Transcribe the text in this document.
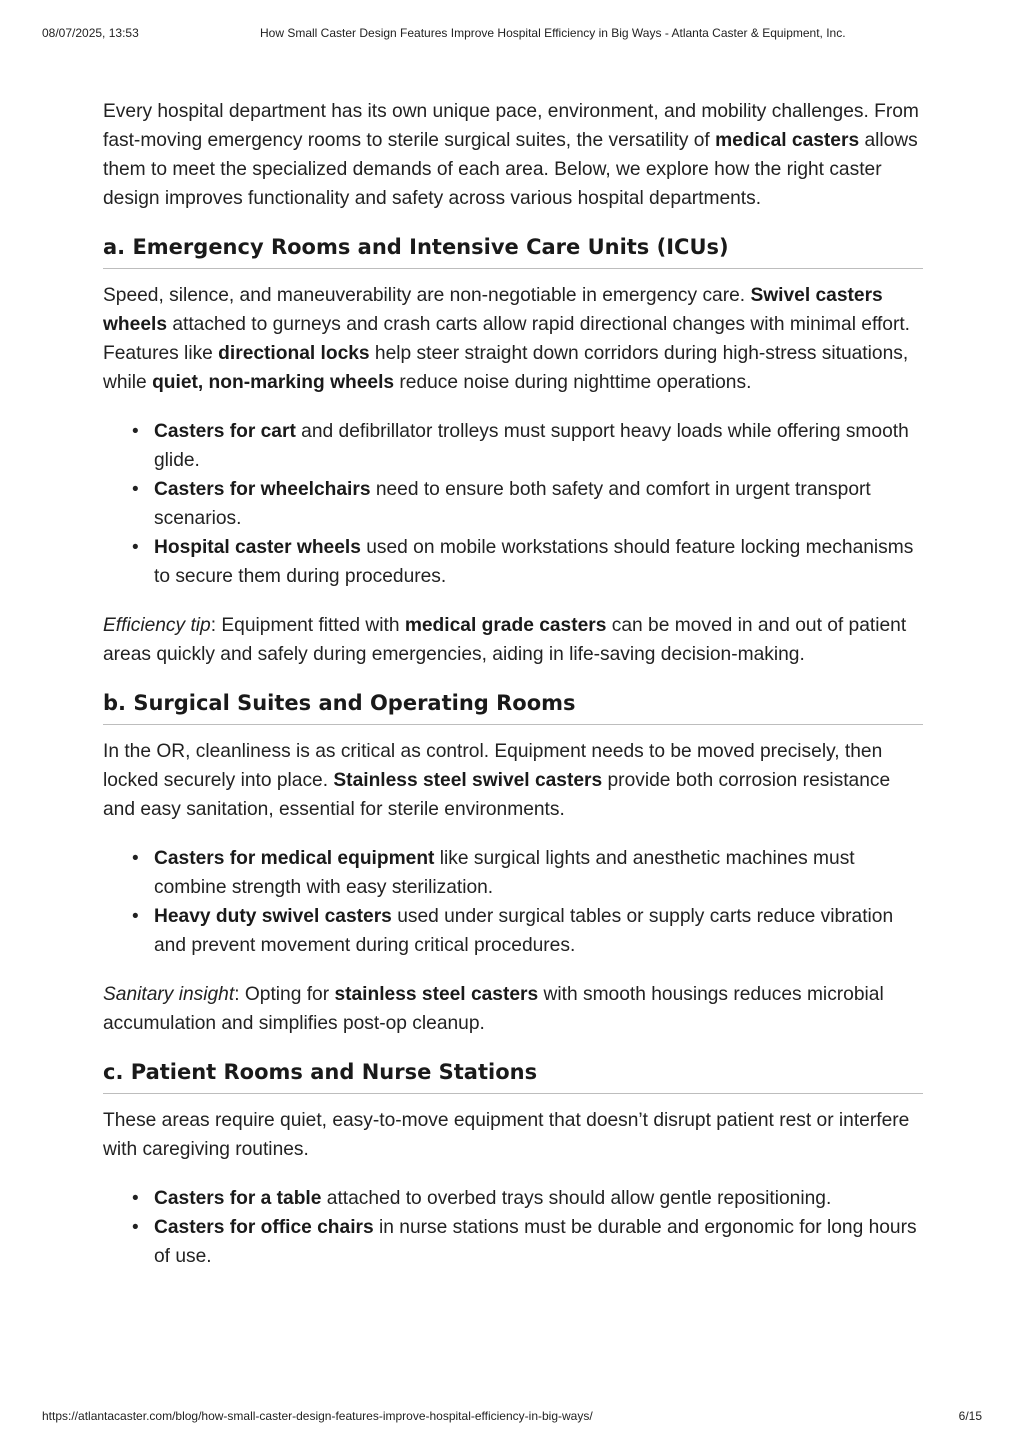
08/07/2025, 13:53	How Small Caster Design Features Improve Hospital Efficiency in Big Ways - Atlanta Caster & Equipment, Inc.

Every hospital department has its own unique pace, environment, and mobility challenges. From fast-moving emergency rooms to sterile surgical suites, the versatility of medical casters allows them to meet the specialized demands of each area. Below, we explore how the right caster design improves functionality and safety across various hospital departments.

a. Emergency Rooms and Intensive Care Units (ICUs)

Speed, silence, and maneuverability are non-negotiable in emergency care. Swivel casters wheels attached to gurneys and crash carts allow rapid directional changes with minimal effort. Features like directional locks help steer straight down corridors during high-stress situations, while quiet, non-marking wheels reduce noise during nighttime operations.

• Casters for cart and defibrillator trolleys must support heavy loads while offering smooth glide.
• Casters for wheelchairs need to ensure both safety and comfort in urgent transport scenarios.
• Hospital caster wheels used on mobile workstations should feature locking mechanisms to secure them during procedures.

Efficiency tip: Equipment fitted with medical grade casters can be moved in and out of patient areas quickly and safely during emergencies, aiding in life-saving decision-making.

b. Surgical Suites and Operating Rooms

In the OR, cleanliness is as critical as control. Equipment needs to be moved precisely, then locked securely into place. Stainless steel swivel casters provide both corrosion resistance and easy sanitation, essential for sterile environments.

• Casters for medical equipment like surgical lights and anesthetic machines must combine strength with easy sterilization.
• Heavy duty swivel casters used under surgical tables or supply carts reduce vibration and prevent movement during critical procedures.

Sanitary insight: Opting for stainless steel casters with smooth housings reduces microbial accumulation and simplifies post-op cleanup.

c. Patient Rooms and Nurse Stations

These areas require quiet, easy-to-move equipment that doesn’t disrupt patient rest or interfere with caregiving routines.

• Casters for a table attached to overbed trays should allow gentle repositioning.
• Casters for office chairs in nurse stations must be durable and ergonomic for long hours of use.
https://atlantacaster.com/blog/how-small-caster-design-features-improve-hospital-efficiency-in-big-ways/	6/15
